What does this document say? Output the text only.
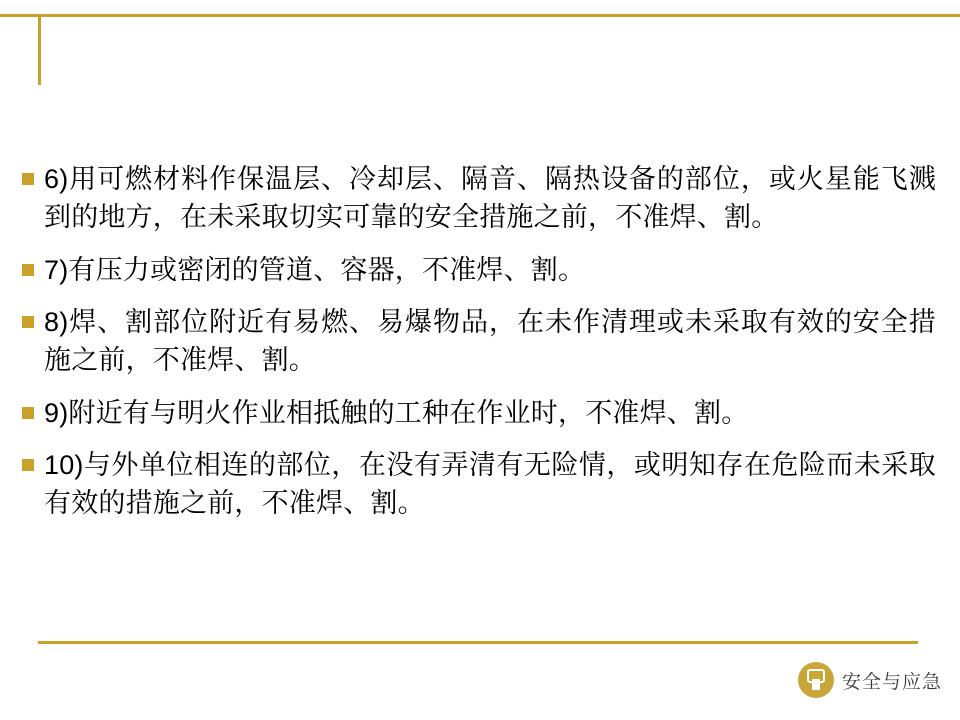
6)用可燃材料作保温层、冷却层、隔音、隔热设备的部位，或火星能飞溅到的地方，在未采取切实可靠的安全措施之前，不准焊、割。
7)有压力或密闭的管道、容器，不准焊、割。
8)焊、割部位附近有易燃、易爆物品，在未作清理或未采取有效的安全措施之前，不准焊、割。
9)附近有与明火作业相抵触的工种在作业时，不准焊、割。
10)与外单位相连的部位，在没有弄清有无险情，或明知存在危险而未采取有效的措施之前，不准焊、割。
安全与应急
